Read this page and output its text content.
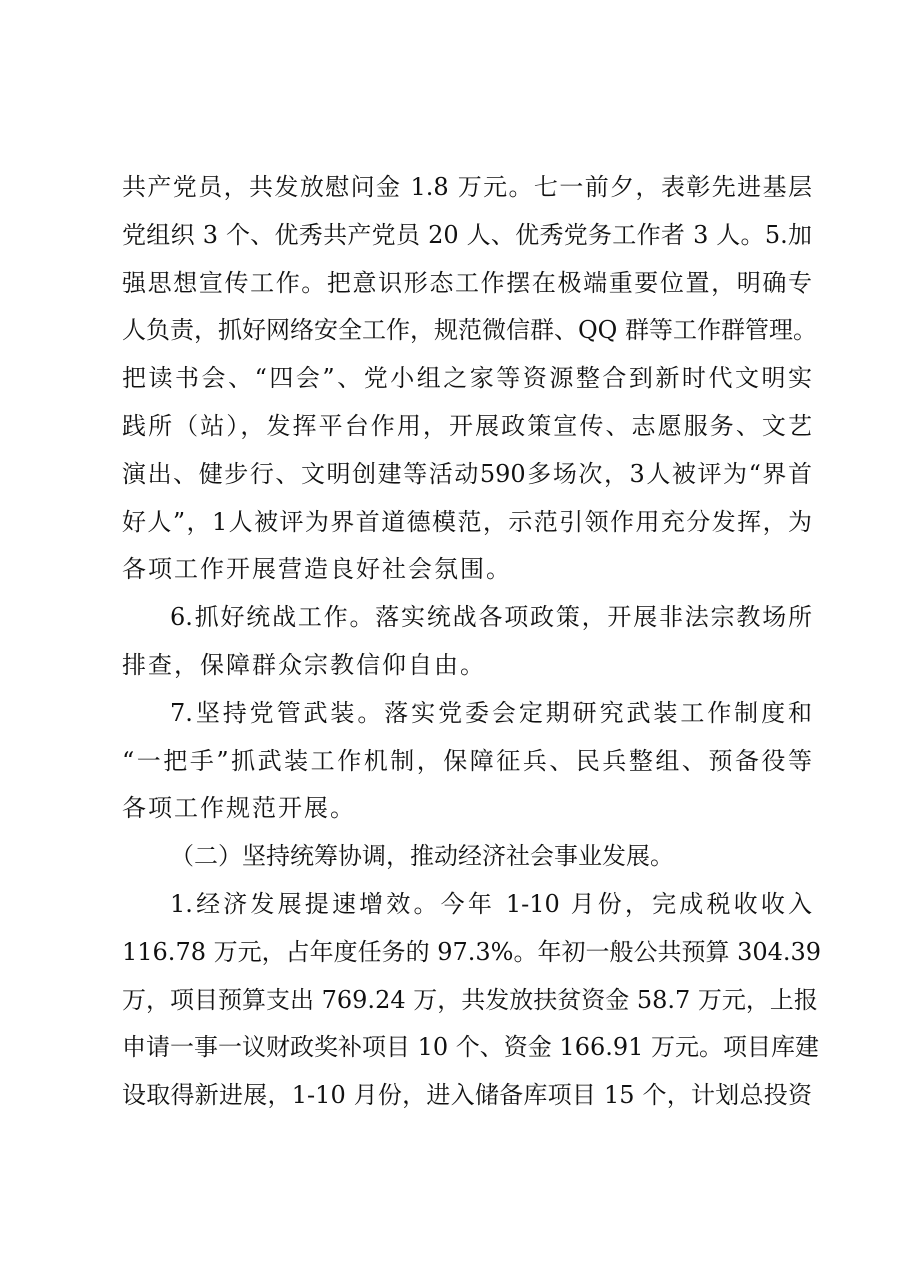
共产党员，共发放慰问金 1.8 万元。七一前夕，表彰先进基层
党组织 3 个、优秀共产党员 20 人、优秀党务工作者 3 人。5.加
强思想宣传工作。把意识形态工作摆在极端重要位置，明确专
人负责，抓好网络安全工作，规范微信群、QQ 群等工作群管理。
把读书会、“四会”、党小组之家等资源整合到新时代文明实
践所（站），发挥平台作用，开展政策宣传、志愿服务、文艺
演出、健步行、文明创建等活动590多场次，3人被评为“界首
好人”，1人被评为界首道德模范，示范引领作用充分发挥，为
各项工作开展营造良好社会氛围。
6.抓好统战工作。落实统战各项政策，开展非法宗教场所
排查，保障群众宗教信仰自由。
7.坚持党管武装。落实党委会定期研究武装工作制度和
“一把手”抓武装工作机制，保障征兵、民兵整组、预备役等
各项工作规范开展。
（二）坚持统筹协调，推动经济社会事业发展。
1.经济发展提速增效。今年 1-10 月份，完成税收收入
116.78 万元，占年度任务的 97.3%。年初一般公共预算 304.39
万，项目预算支出 769.24 万，共发放扶贫资金 58.7 万元，上报
申请一事一议财政奖补项目 10 个、资金 166.91 万元。项目库建
设取得新进展，1-10 月份，进入储备库项目 15 个，计划总投资
